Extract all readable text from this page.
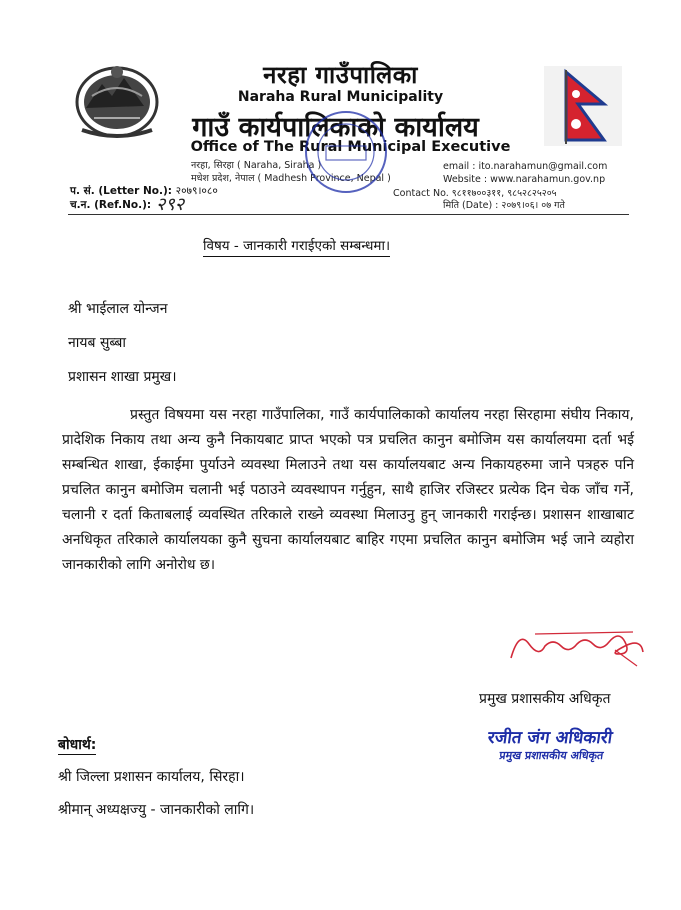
नरहा गाउँपालिका
Naraha Rural Municipality
गाउँ कार्यपालिकाको कार्यालय
Office of The Rural Municipal Executive
नरहा, सिरहा ( Naraha, Siraha )
मधेश प्रदेश, नेपाल ( Madhesh Province, Nepal )
email : ito.narahamun@gmail.com
Website : www.narahamun.gov.np
Contact No. ९८११७००३११, ९८५२८२५२०५
मिति (Date) : २०७९।०६। ०७ गते
प. सं. (Letter No.): २०७९।०८०
च.न. (Ref.No.): २९२
विषय - जानकारी गराईएको सम्बन्धमा।
श्री भाईलाल योन्जन
नायब सुब्बा
प्रशासन शाखा प्रमुख।
प्रस्तुत विषयमा यस नरहा गाउँपालिका, गाउँ कार्यपालिकाको कार्यालय नरहा सिरहामा संघीय निकाय, प्रादेशिक निकाय तथा अन्य कुनै निकायबाट प्राप्त भएको पत्र प्रचलित कानुन बमोजिम यस कार्यालयमा दर्ता भई सम्बन्धित शाखा, ईकाईमा पुर्याउने व्यवस्था मिलाउने तथा यस कार्यालयबाट अन्य निकायहरुमा जाने पत्रहरु पनि प्रचलित कानुन बमोजिम चलानी भई पठाउने व्यवस्थापन गर्नुहुन, साथै हाजिर रजिस्टर प्रत्येक दिन चेक जाँच गर्ने, चलानी र दर्ता किताबलाई व्यवस्थित तरिकाले राख्ने व्यवस्था मिलाउनु हुन् जानकारी गराईन्छ। प्रशासन शाखाबाट अनधिकृत तरिकाले कार्यालयका कुनै सुचना कार्यालयबाट बाहिर गएमा प्रचलित कानुन बमोजिम भई जाने व्यहोरा जानकारीको लागि अनोरोध छ।
प्रमुख प्रशासकीय अधिकृत
रजीत जंग अधिकारी
प्रमुख प्रशासकीय अधिकृत
बोधार्थ:
श्री जिल्ला प्रशासन कार्यालय, सिरहा।
श्रीमान् अध्यक्षज्यु - जानकारीको लागि।
